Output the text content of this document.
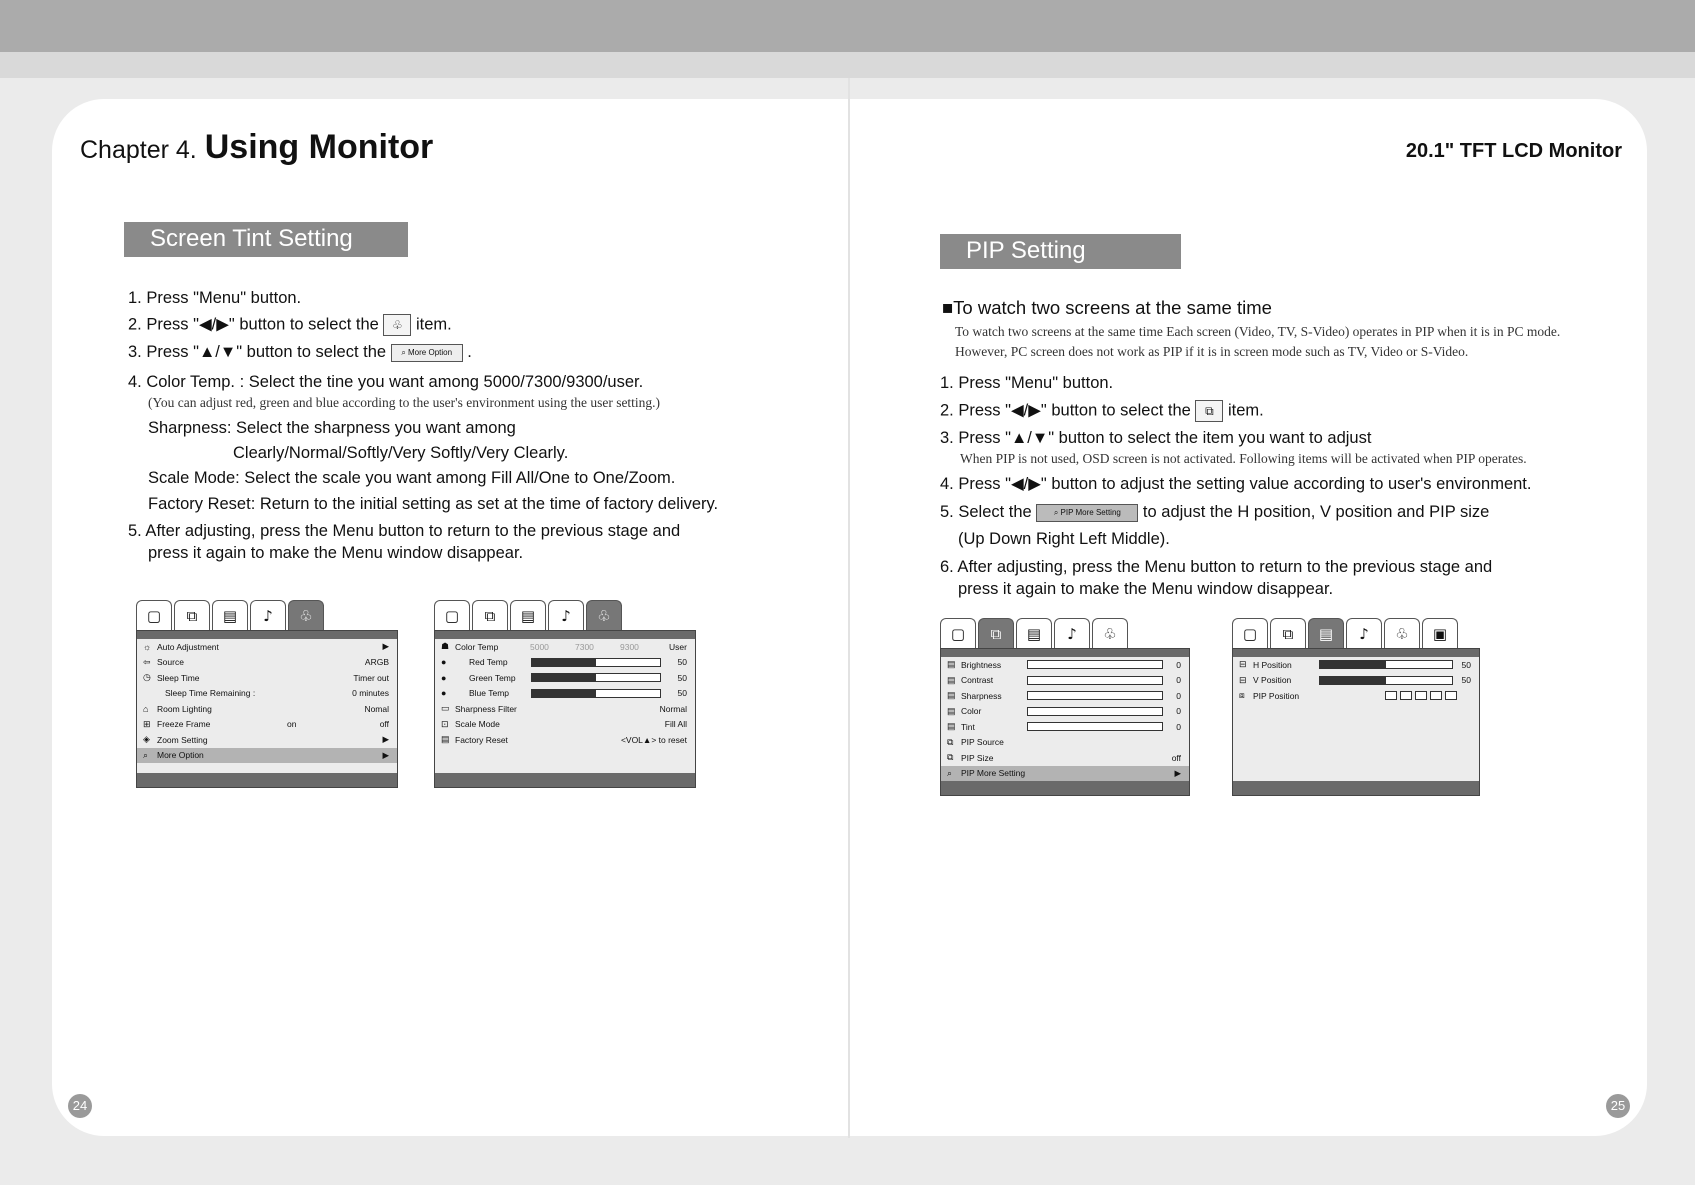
Chapter 4. Using Monitor	20.1" TFT LCD Monitor
Screen Tint Setting
1. Press "Menu" button.
2. Press "◀/▶" button to select the ♧ item.
3. Press "▲/▼" button to select the ⌕ More Option .
4. Color Temp. : Select the tine you want among 5000/7300/9300/user.
(You can adjust red, green and blue according to the user's environment using the user setting.)
Sharpness: Select the sharpness you want among
Clearly/Normal/Softly/Very Softly/Very Clearly.
Scale Mode: Select the scale you want among Fill All/One to One/Zoom.
Factory Reset: Return to the initial setting as set at the time of factory delivery.
5. After adjusting, press the Menu button to return to the previous stage and
press it again to make the Menu window disappear.
▢	⧉	▤	♪	♧
☼ Auto Adjustment	▶
⇦ Source	ARGB
◷ Sleep Time	Timer out
Sleep Time Remaining :	0 minutes
⌂	Room Lighting	Nomal
⊞ Freeze Frame	on	off
◈ Zoom Setting	▶
⌕	More Option	▶
▢	⧉	▤	♪	♧
☗ Color Temp	5000	7300	9300	User
●	Red Temp	50
●	Green Temp	50
●	Blue Temp	50
▭ Sharpness Filter	Normal
⊡ Scale Mode	Fill All
▤ Factory Reset	<VOL▲> to reset
PIP Setting
■To watch two screens at the same time
To watch two screens at the same time Each screen (Video, TV, S-Video) operates in PIP when it is in PC mode.
However, PC screen does not work as PIP if it is in screen mode such as TV, Video or S-Video.
1. Press "Menu" button.
2. Press "◀/▶" button to select the ⧉ item.
3. Press "▲/▼" button to select the item you want to adjust
When PIP is not used, OSD screen is not activated. Following items will be activated when PIP operates.
4. Press "◀/▶" button to adjust the setting value according to user's environment.
5. Select the	⌕ PIP More Setting to adjust the H position, V position and PIP size
(Up Down Right Left Middle).
6. After adjusting, press the Menu button to return to the previous stage and
press it again to make the Menu window disappear.
▢	⧉	▤	♪	♧
▤ Brightness	0
▤ Contrast	0
▤ Sharpness	0
▤ Color	0
▤ Tint	0
⧉ PIP Source
⧉ PIP Size	off
⌕	PIP More Setting	▶
▢	⧉	▤	♪	♧	▣
⊟ H Position	50
⊟ V Position	50
⧈ PIP Position
24	25
